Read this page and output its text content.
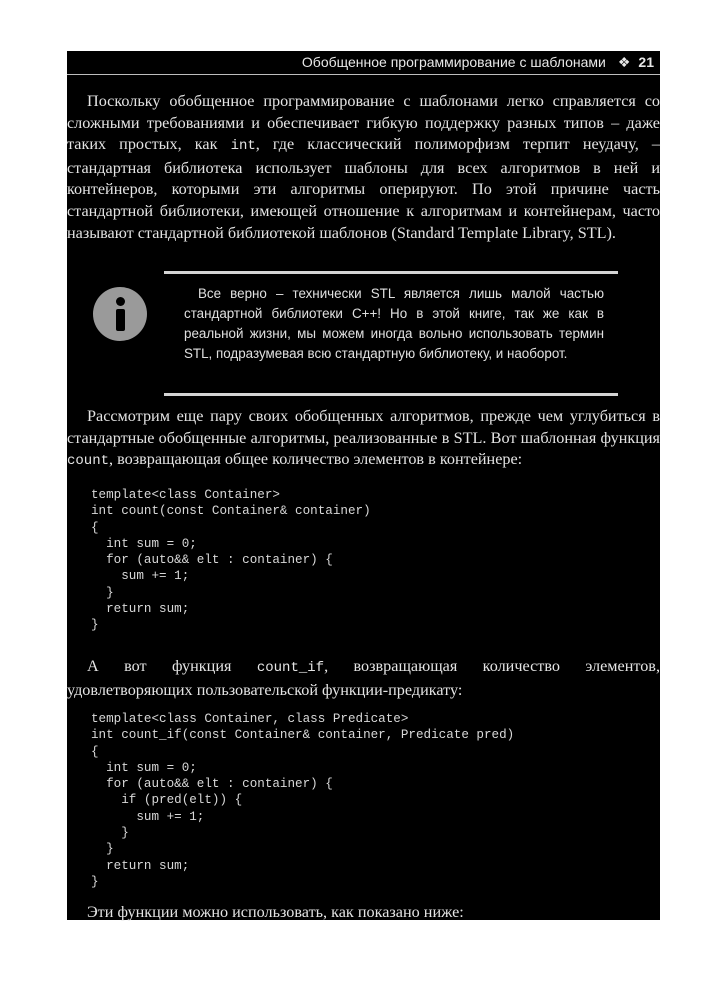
Обобщенное программирование с шаблонами ❖ 21

Поскольку обобщенное программирование с шаблонами легко справляется со сложными требованиями и обеспечивает гибкую поддержку разных типов – даже таких простых, как int, где классический полиморфизм терпит неудачу, – стандартная библиотека использует шаблоны для всех алгоритмов в ней и контейнеров, которыми эти алгоритмы оперируют. По этой причине часть стандартной библиотеки, имеющей отношение к алгоритмам и контейнерам, часто называют стандартной библиотекой шаблонов (Standard Template Library, STL).

Все верно – технически STL является лишь малой частью стандартной библиотеки C++! Но в этой книге, так же как в реальной жизни, мы можем иногда вольно использовать термин STL, подразумевая всю стандартную библиотеку, и наоборот.

Рассмотрим еще пару своих обобщенных алгоритмов, прежде чем углубиться в стандартные обобщенные алгоритмы, реализованные в STL. Вот шаблонная функция count, возвращающая общее количество элементов в контейнере:

template<class Container>
int count(const Container& container)
{
int sum = 0;
for (auto&& elt : container) {
sum += 1;
}
return sum;
}

А вот функция count_if, возвращающая количество элементов, удовлетворяющих пользовательской функции-предикату:

template<class Container, class Predicate>
int count_if(const Container& container, Predicate pred)
{
int sum = 0;
for (auto&& elt : container) {
if (pred(elt)) {
sum += 1;
}
}
return sum;
}

Эти функции можно использовать, как показано ниже:
